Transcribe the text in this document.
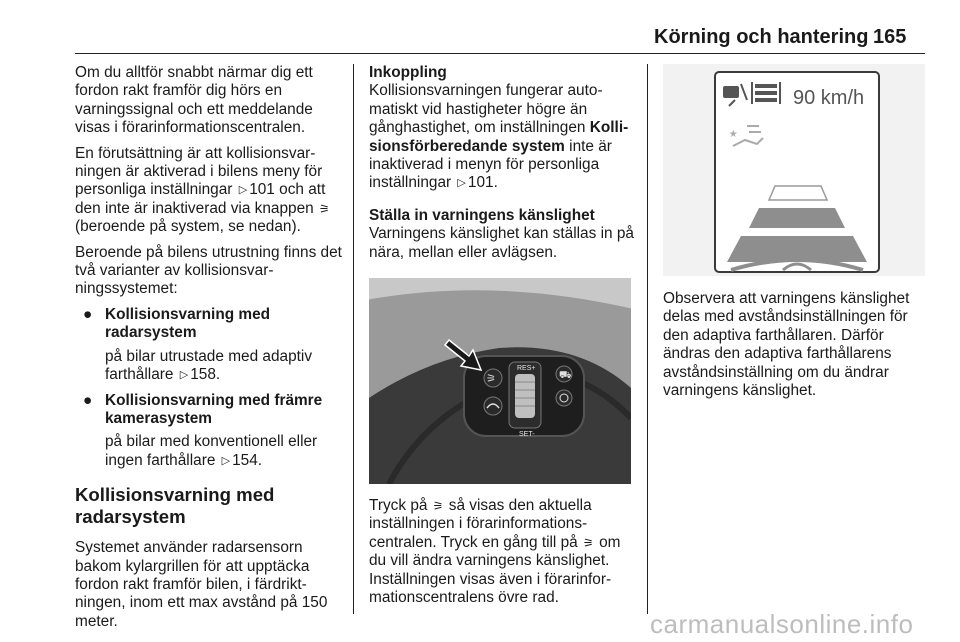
Körning och hantering 165

Om du alltför snabbt närmar dig ett fordon rakt framför dig hörs en varningssignal och ett meddelande visas i förarinformationscentralen.

En förutsättning är att kollisionsvar-ningen är aktiverad i bilens meny för personliga inställningar ▷ 101 och att den inte är inaktiverad via knappen ⚞ (beroende på system, se nedan).

Beroende på bilens utrustning finns det två varianter av kollisionsvar-ningssystemet:

● Kollisionsvarning med radarsystem

på bilar utrustade med adaptiv farthållare ▷ 158.

● Kollisionsvarning med främre kamerasystem

på bilar med konventionell eller ingen farthållare ▷ 154.

Kollisionsvarning med radarsystem

Systemet använder radarsensorn bakom kylargrillen för att upptäcka fordon rakt framför bilen, i färdrikt-ningen, inom ett max avstånd på 150 meter.

Inkoppling

Kollisionsvarningen fungerar auto-matiskt vid hastigheter högre än gånghastighet, om inställningen Kolli-sionsförberedande system inte är inaktiverad i menyn för personliga inställningar ▷ 101.

Ställa in varningens känslighet

Varningens känslighet kan ställas in på nära, mellan eller avlägsen.

RES+
SET-
⚞	⛟

Tryck på ⚞ så visas den aktuella inställningen i förarinformations-centralen. Tryck en gång till på ⚞ om du vill ändra varningens känslighet. Inställningen visas även i förarinfor-mationscentralens övre rad.

90 km/h
⋆

Observera att varningens känslighet delas med avståndsinställningen för den adaptiva farthållaren. Därför ändras den adaptiva farthållarens avståndsinställning om du ändrar varningens känslighet.

carmanualsonline.info
